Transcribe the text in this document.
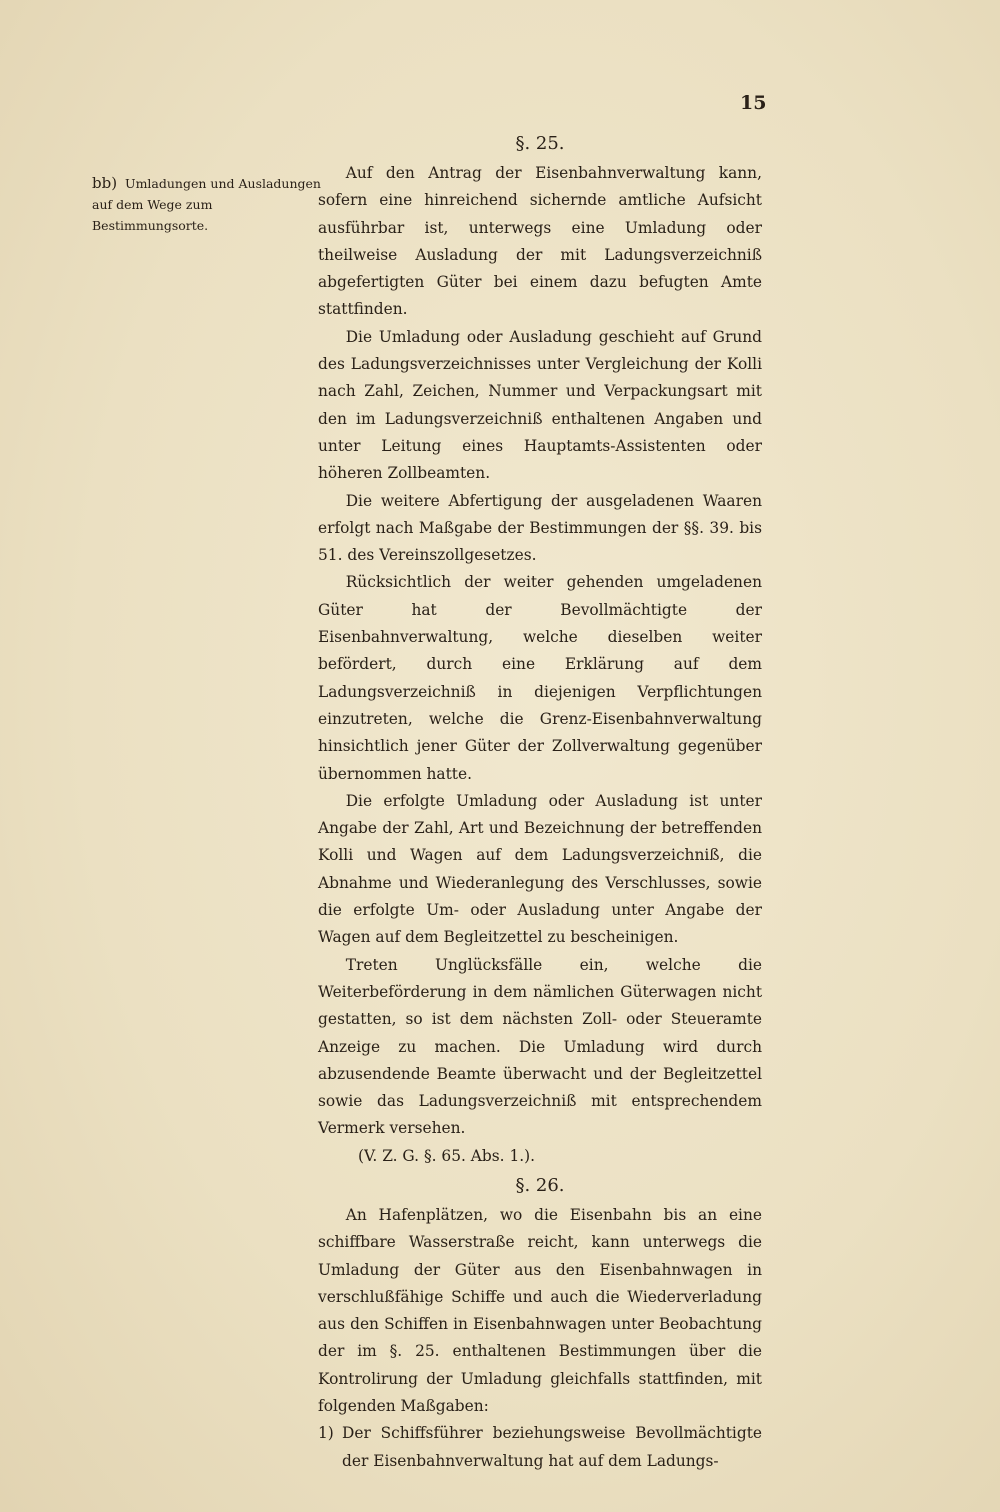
15
bb) Umladungen und Ausladungen auf dem Wege zum Bestimmungsorte.
§. 25.

Auf den Antrag der Eisenbahnverwaltung kann, sofern eine hinreichend sichernde amtliche Aufsicht ausführbar ist, unterwegs eine Umladung oder theilweise Ausladung der mit Ladungsverzeichniß abgefertigten Güter bei einem dazu befugten Amte stattfinden.

Die Umladung oder Ausladung geschieht auf Grund des Ladungsverzeichnisses unter Vergleichung der Kolli nach Zahl, Zeichen, Nummer und Verpackungsart mit den im Ladungsverzeichniß enthaltenen Angaben und unter Leitung eines Hauptamts-Assistenten oder höheren Zollbeamten.

Die weitere Abfertigung der ausgeladenen Waaren erfolgt nach Maßgabe der Bestimmungen der §§. 39. bis 51. des Vereinszollgesetzes.

Rücksichtlich der weiter gehenden umgeladenen Güter hat der Bevollmächtigte der Eisenbahnverwaltung, welche dieselben weiter befördert, durch eine Erklärung auf dem Ladungsverzeichniß in diejenigen Verpflichtungen einzutreten, welche die Grenz-Eisenbahnverwaltung hinsichtlich jener Güter der Zollverwaltung gegenüber übernommen hatte.

Die erfolgte Umladung oder Ausladung ist unter Angabe der Zahl, Art und Bezeichnung der betreffenden Kolli und Wagen auf dem Ladungsverzeichniß, die Abnahme und Wiederanlegung des Verschlusses, sowie die erfolgte Um- oder Ausladung unter Angabe der Wagen auf dem Begleitzettel zu bescheinigen.

Treten Unglücksfälle ein, welche die Weiterbeförderung in dem nämlichen Güterwagen nicht gestatten, so ist dem nächsten Zoll- oder Steueramte Anzeige zu machen. Die Umladung wird durch abzusendende Beamte überwacht und der Begleitzettel sowie das Ladungsverzeichniß mit entsprechendem Vermerk versehen.

(V. Z. G. §. 65. Abs. 1.).

§. 26.

An Hafenplätzen, wo die Eisenbahn bis an eine schiffbare Wasserstraße reicht, kann unterwegs die Umladung der Güter aus den Eisenbahnwagen in verschlußfähige Schiffe und auch die Wiederverladung aus den Schiffen in Eisenbahnwagen unter Beobachtung der im §. 25. enthaltenen Bestimmungen über die Kontrolirung der Umladung gleichfalls stattfinden, mit folgenden Maßgaben:

1) Der Schiffsführer beziehungsweise Bevollmächtigte der Eisenbahnverwaltung hat auf dem Ladungs-
